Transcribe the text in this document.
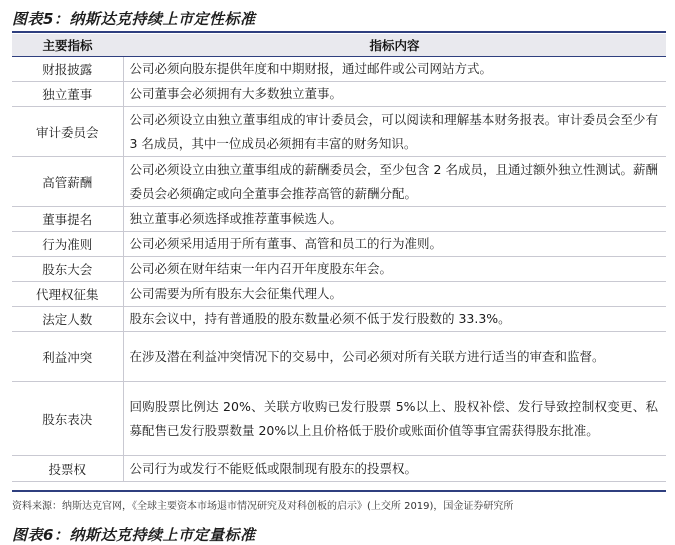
图表5：纳斯达克持续上市定性标准
主要指标	指标内容
财报披露	公司必须向股东提供年度和中期财报，通过邮件或公司网站方式。
独立董事	公司董事会必须拥有大多数独立董事。
审计委员会	公司必须设立由独立董事组成的审计委员会，可以阅读和理解基本财务报表。审计委员会至少有 3 名成员，其中一位成员必须拥有丰富的财务知识。
高管薪酬	公司必须设立由独立董事组成的薪酬委员会，至少包含 2 名成员，且通过额外独立性测试。薪酬委员会必须确定或向全董事会推荐高管的薪酬分配。
董事提名	独立董事必须选择或推荐董事候选人。
行为准则	公司必须采用适用于所有董事、高管和员工的行为准则。
股东大会	公司必须在财年结束一年内召开年度股东年会。
代理权征集	公司需要为所有股东大会征集代理人。
法定人数	股东会议中，持有普通股的股东数量必须不低于发行股数的 33.3%。
利益冲突	在涉及潜在利益冲突情况下的交易中，公司必须对所有关联方进行适当的审查和监督。
股东表决	回购股票比例达 20%、关联方收购已发行股票 5%以上、股权补偿、发行导致控制权变更、私募配售已发行股票数量 20%以上且价格低于股价或账面价值等事宜需获得股东批准。
投票权	公司行为或发行不能贬低或限制现有股东的投票权。
资料来源：纳斯达克官网，《全球主要资本市场退市情况研究及对科创板的启示》(上交所 2019)，国金证券研究所
图表6：纳斯达克持续上市定量标准
